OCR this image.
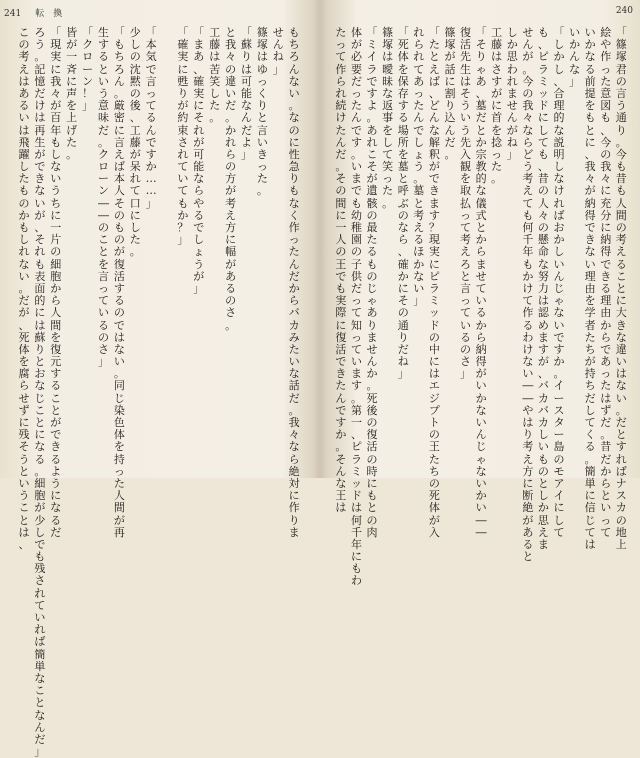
241 転　換
も
ち
ろ
ん
な
い
。
な
の
に
性
急
り
も
な
く
作
っ
た
ん
だ
か
ら
バ
カ
み
た
い
な
話
だ
。
我
々
な
ら
絶
対
に
作
り
ま
せ
ん
ね
」
篠
塚
は
ゆ
っ
く
り
と
言
い
き
っ
た
。
「
蘇
り
は
可
能
な
ん
だ
よ
」
と
我
々
の
違
い
だ
。
か
れ
ら
の
方
が
考
え
方
に
幅
が
あ
る
の
さ
。
工
藤
は
苦
笑
し
た
。
「
ま
あ
、
確
実
に
そ
れ
が
可
能
な
ら
や
る
で
し
ょ
う
が
」
「
確
実
に
甦
り
が
約
束
さ
れ
て
い
て
も
か
？
」
「
本
気
で
言
っ
て
る
ん
で
す
か
…
…
」
少
し
の
沈
黙
の
後
、
工
藤
が
呆
れ
て
口
に
し
た
。
「
も
ち
ろ
ん
。
厳
密
に
言
え
ば
本
人
そ
の
も
の
が
復
活
す
る
の
で
は
な
い
。
同
じ
染
色
体
を
持
っ
た
人
間
が
再
生
す
る
と
い
う
意
味
だ
。
ク
ロ
ー
ン
―
―
の
こ
と
を
言
っ
て
い
る
の
さ
」
「
ク
ロ
ー
ン
！
」
皆
が
一
斉
に
声
を
上
げ
た
。
「
現
実
に
我
々
が
百
年
も
し
な
い
う
ち
に
一
片
の
細
胞
か
ら
人
間
を
復
元
す
る
こ
と
が
で
き
る
よ
う
に
な
る
だ
ろ
う
。
記
憶
だ
け
は
再
生
が
で
き
な
い
が
、
そ
れ
も
表
面
的
に
は
蘇
り
と
お
な
じ
こ
と
に
な
る
。
細
胞
が
少
し
で
も
残
さ
れ
て
い
れ
ば
簡
単
な
こ
と
な
ん
だ
」
こ
の
考
え
は
あ
る
い
は
飛
躍
し
た
も
の
か
も
し
れ
な
い
。
だ
が
、
死
体
を
腐
ら
せ
ず
に
残
そ
う
と
い
う
こ
と
は
、
240
「
篠
塚
君
の
言
う
通
り
。
今
も
昔
も
人
間
の
考
え
る
こ
と
に
大
き
な
違
い
は
な
い
。
だ
と
す
れ
ば
ナ
ス
カ
の
地
上
絵
や
作
っ
た
意
図
も
、
今
の
我
々
に
充
分
に
納
得
で
き
る
理
由
か
ら
で
あ
っ
た
は
ず
だ
。
昔
だ
か
ら
と
い
っ
て
い
か
な
る
前
提
を
も
と
に
、
我
々
が
納
得
で
き
な
い
理
由
を
学
者
た
ち
が
持
ち
だ
し
て
く
る
。
簡
単
に
信
じ
て
は
い
か
ん
な
」
「
し
か
し
、
合
理
的
な
説
明
し
な
け
れ
ば
お
か
し
い
ん
じ
ゃ
な
い
で
す
か
。
イ
ー
ス
タ
ー
島
の
モ
ア
イ
に
し
て
も
、
ピ
ラ
ミ
ッ
ド
に
し
て
も
、
昔
の
人
々
の
懸
命
な
努
力
は
認
め
ま
す
が
、
バ
カ
バ
カ
し
い
も
の
と
し
か
思
え
ま
せ
ん
が
。
今
の
我
々
な
ら
ど
う
考
え
て
も
何
千
年
も
か
け
て
作
る
わ
け
な
い
―
―
や
は
り
考
え
方
に
断
絶
が
あ
る
と
し
か
思
わ
れ
ま
せ
ん
が
ね
」
工
藤
は
さ
す
が
に
首
を
捻
っ
た
。
「
そ
り
ゃ
あ
、
墓
だ
と
か
宗
教
的
な
儀
式
と
か
ら
ま
せ
て
い
る
か
ら
納
得
が
い
か
な
い
ん
じ
ゃ
な
い
か
い
―
―
復
活
先
生
は
そ
う
い
う
先
入
観
を
取
払
っ
て
考
え
ろ
と
言
っ
て
い
る
の
さ
」
篠
塚
が
話
に
割
り
込
ん
だ
。
「
た
と
え
ば
、
ど
ん
な
解
釈
が
で
き
ま
す
？
現
実
に
ピ
ラ
ミ
ッ
ド
の
中
に
は
エ
ジ
プ
ト
の
王
た
ち
の
死
体
が
入
れ
ら
れ
て
あ
っ
た
ん
で
し
ょ
う
。
墓
と
考
え
る
ほ
か
な
い
」
「
死
体
を
保
存
す
る
場
所
を
墓
と
呼
ぶ
の
な
ら
、
確
か
に
そ
の
通
り
だ
ね
」
篠
塚
は
曖
昧
な
返
事
を
し
て
笑
っ
た
。
「
ミ
イ
ラ
で
す
よ
。
あ
れ
こ
そ
が
遺
骸
の
最
た
る
も
の
じ
ゃ
あ
り
ま
せ
ん
か
。
死
後
の
復
活
の
時
に
も
と
の
肉
体
が
必
要
だ
っ
た
ん
で
す
。
い
ま
で
も
幼
稚
園
の
子
供
だ
っ
て
知
っ
て
い
ま
す
。
第
一
、
ピ
ラ
ミ
ッ
ド
は
何
千
年
に
も
わ
た
っ
て
作
ら
れ
続
け
た
ん
だ
。
そ
の
間
に
一
人
の
王
で
も
実
際
に
復
活
で
き
た
ん
で
す
か
。
そ
ん
な
王
は
